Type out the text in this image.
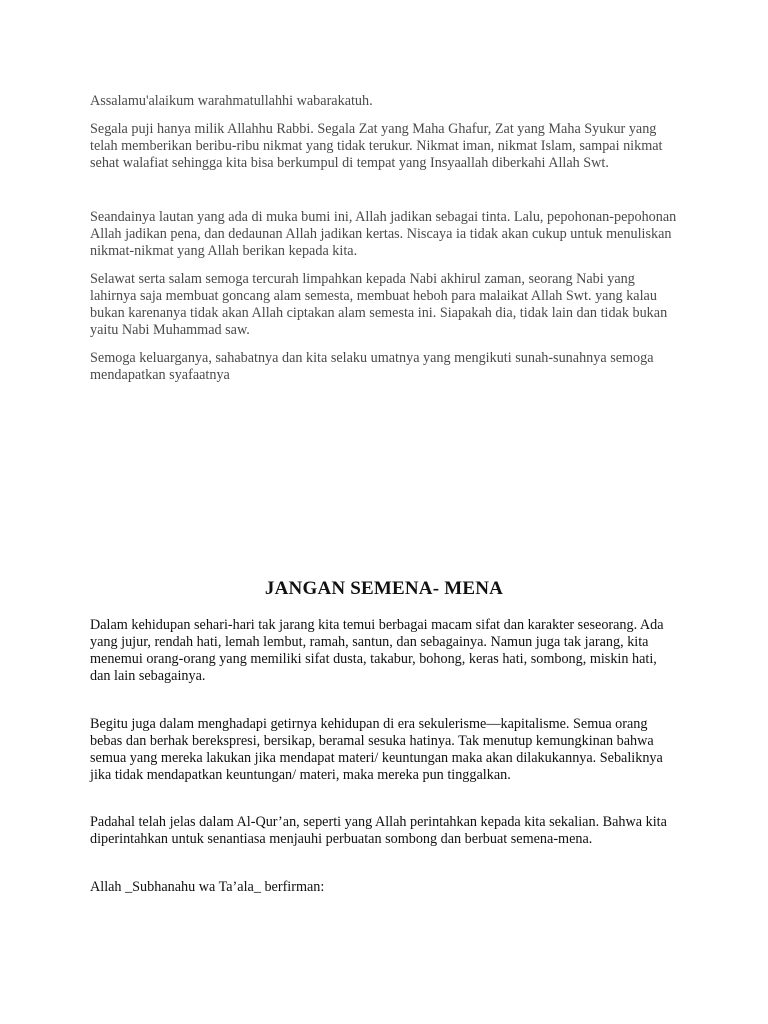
Assalamu'alaikum warahmatullahhi wabarakatuh.

Segala puji hanya milik Allahhu Rabbi. Segala Zat yang Maha Ghafur, Zat yang Maha Syukur yang telah memberikan beribu-ribu nikmat yang tidak terukur. Nikmat iman, nikmat Islam, sampai nikmat sehat walafiat sehingga kita bisa berkumpul di tempat yang Insyaallah diberkahi Allah Swt.

Seandainya lautan yang ada di muka bumi ini, Allah jadikan sebagai tinta. Lalu, pepohonan-pepohonan Allah jadikan pena, dan dedaunan Allah jadikan kertas. Niscaya ia tidak akan cukup untuk menuliskan nikmat-nikmat yang Allah berikan kepada kita.

Selawat serta salam semoga tercurah limpahkan kepada Nabi akhirul zaman, seorang Nabi yang lahirnya saja membuat goncang alam semesta, membuat heboh para malaikat Allah Swt. yang kalau bukan karenanya tidak akan Allah ciptakan alam semesta ini. Siapakah dia, tidak lain dan tidak bukan yaitu Nabi Muhammad saw.

Semoga keluarganya, sahabatnya dan kita selaku umatnya yang mengikuti sunah-sunahnya semoga mendapatkan syafaatnya

JANGAN SEMENA- MENA

Dalam kehidupan sehari-hari tak jarang kita temui berbagai macam sifat dan karakter seseorang. Ada yang jujur, rendah hati, lemah lembut, ramah, santun, dan sebagainya. Namun juga tak jarang, kita menemui orang-orang yang memiliki sifat dusta, takabur, bohong, keras hati, sombong, miskin hati, dan lain sebagainya.

Begitu juga dalam menghadapi getirnya kehidupan di era sekulerisme—kapitalisme. Semua orang bebas dan berhak berekspresi, bersikap, beramal sesuka hatinya. Tak menutup kemungkinan bahwa semua yang mereka lakukan jika mendapat materi/ keuntungan maka akan dilakukannya. Sebaliknya jika tidak mendapatkan keuntungan/ materi, maka mereka pun tinggalkan.

Padahal telah jelas dalam Al-Qur’an, seperti yang Allah perintahkan kepada kita sekalian. Bahwa kita diperintahkan untuk senantiasa menjauhi perbuatan sombong dan berbuat semena-mena.

Allah _Subhanahu wa Ta’ala_ berfirman:
